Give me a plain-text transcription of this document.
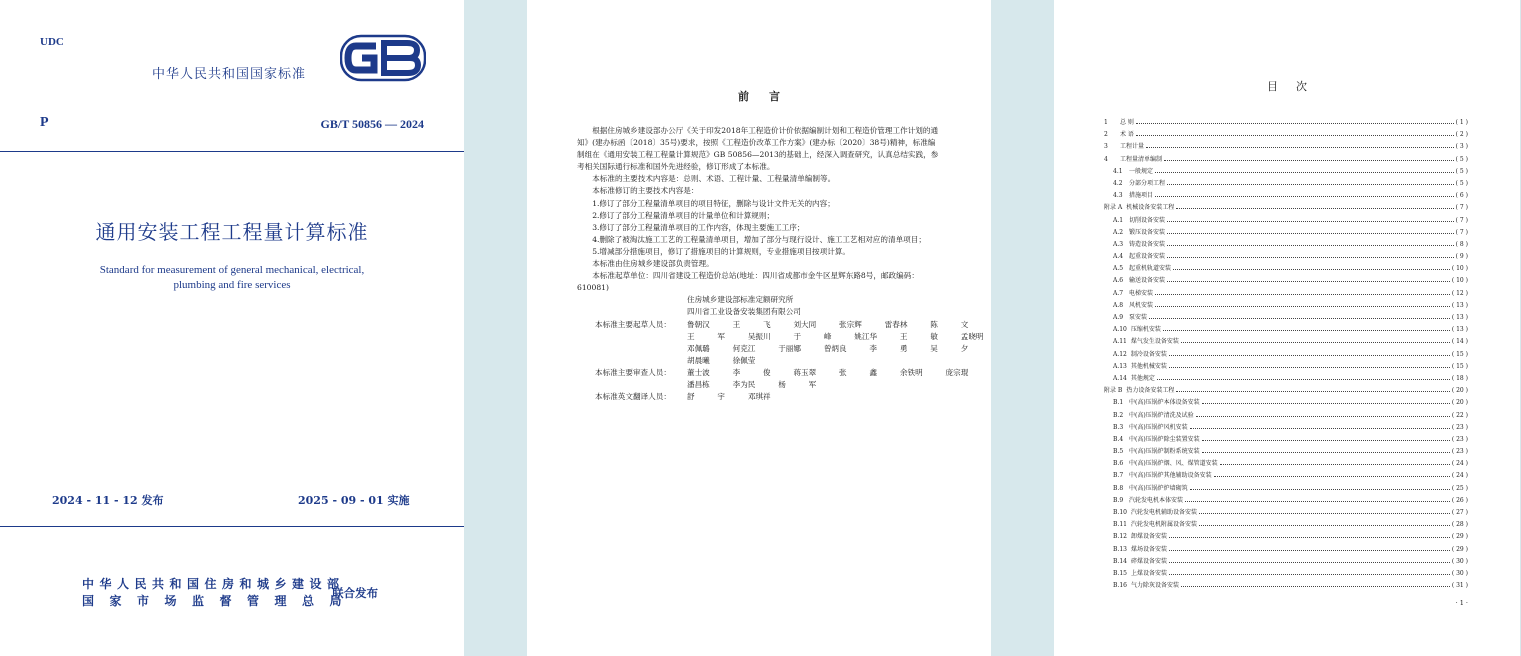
UDC
中华人民共和国国家标准
P	GB/T 50856 — 2024
通用安装工程工程量计算标准
Standard for measurement of general mechanical, electrical,
plumbing and fire services
2024 - 11 - 12 发布	2025 - 09 - 01 实施
中华人民共和国住房和城乡建设部
国家市场监督管理总局
联合发布
前言

根据住房城乡建设部办公厅《关于印发2018年工程造价计价依据编制计划和工程造价管理工作计划的通知》(建办标函〔2018〕35号)要求，按照《工程造价改革工作方案》(建办标〔2020〕38号)精神，标准编制组在《通用安装工程工程量计算规范》GB 50856—2013的基础上，经深入调查研究，认真总结实践，参考相关国际通行标准和国外先进经验，修订形成了本标准。

本标准的主要技术内容是：总则、术语、工程计量、工程量清单编制等。

本标准修订的主要技术内容是：

1.修订了部分工程量清单项目的项目特征，删除与设计文件无关的内容；

2.修订了部分工程量清单项目的计量单位和计算规则；

3.修订了部分工程量清单项目的工作内容，体现主要施工工序；

4.删除了被淘汰施工工艺的工程量清单项目，增加了部分与现行设计、施工工艺相对应的清单项目；

5.增减部分措施项目，修订了措施项目的计算规则，专业措施项目按项计算。

本标准由住房城乡建设部负责管理。

本标准起草单位：四川省建设工程造价总站(地址：四川省成都市金牛区星辉东路8号，邮政编码：610081)

住房城乡建设部标准定额研究所
四川省工业设备安装集团有限公司
本标准主要起草人员：	鲁朝汉  王  飞  刘大同  张宗辉  雷春林  陈  文
王  军  吴振川  于  峰  姚江华  王  敏  孟晓明
邓佩璐  何克江  于丽娜  曾炳良  李  勇  吴  夕
胡晨曦  徐佩莹
本标准主要审查人员：	董士波  李  俊  蒋玉翠  张  鑫  余铁明  庞宗琨
潘昌栋  李为民  杨  军
本标准英文翻译人员：	舒  宇  邓琪祥
目次
1	总 则	( 1 )
2	术 语	( 2 )
3	工程计量	( 3 )
4	工程量清单编制	( 5 )
4.1	一般规定	( 5 )
4.2	分部分项工程	( 5 )
4.3	措施项目	( 6 )
附录 A 机械设备安装工程	( 7 )
A.1 切削设备安装	( 7 )
A.2 锻压设备安装	( 7 )
A.3 铸造设备安装	( 8 )
A.4 起重设备安装	( 9 )
A.5 起重机轨道安装	( 10 )
A.6 输送设备安装	( 10 )
A.7 电梯安装	( 12 )
A.8 风机安装	( 13 )
A.9 泵安装	( 13 )
A.10 压缩机安装	( 13 )
A.11 煤气发生设备安装	( 14 )
A.12 制冷设备安装	( 15 )
A.13 其他机械安装	( 15 )
A.14 其他规定	( 18 )
附录 B 热力设备安装工程	( 20 )
B.1 中(高)压锅炉本体设备安装	( 20 )
B.2 中(高)压锅炉清洗及试验	( 22 )
B.3 中(高)压锅炉风机安装	( 23 )
B.4 中(高)压锅炉除尘装置安装	( 23 )
B.5 中(高)压锅炉制粉系统安装	( 23 )
B.6 中(高)压锅炉烟、风、煤管道安装	( 24 )
B.7 中(高)压锅炉其他辅助设备安装	( 24 )
B.8 中(高)压锅炉炉墙砌筑	( 25 )
B.9 汽轮发电机本体安装	( 26 )
B.10 汽轮发电机辅助设备安装	( 27 )
B.11 汽轮发电机附属设备安装	( 28 )
B.12 卸煤设备安装	( 29 )
B.13 煤场设备安装	( 29 )
B.14 碎煤设备安装	( 30 )
B.15 上煤设备安装	( 30 )
B.16 气力除灰设备安装	( 31 )
· 1 ·
